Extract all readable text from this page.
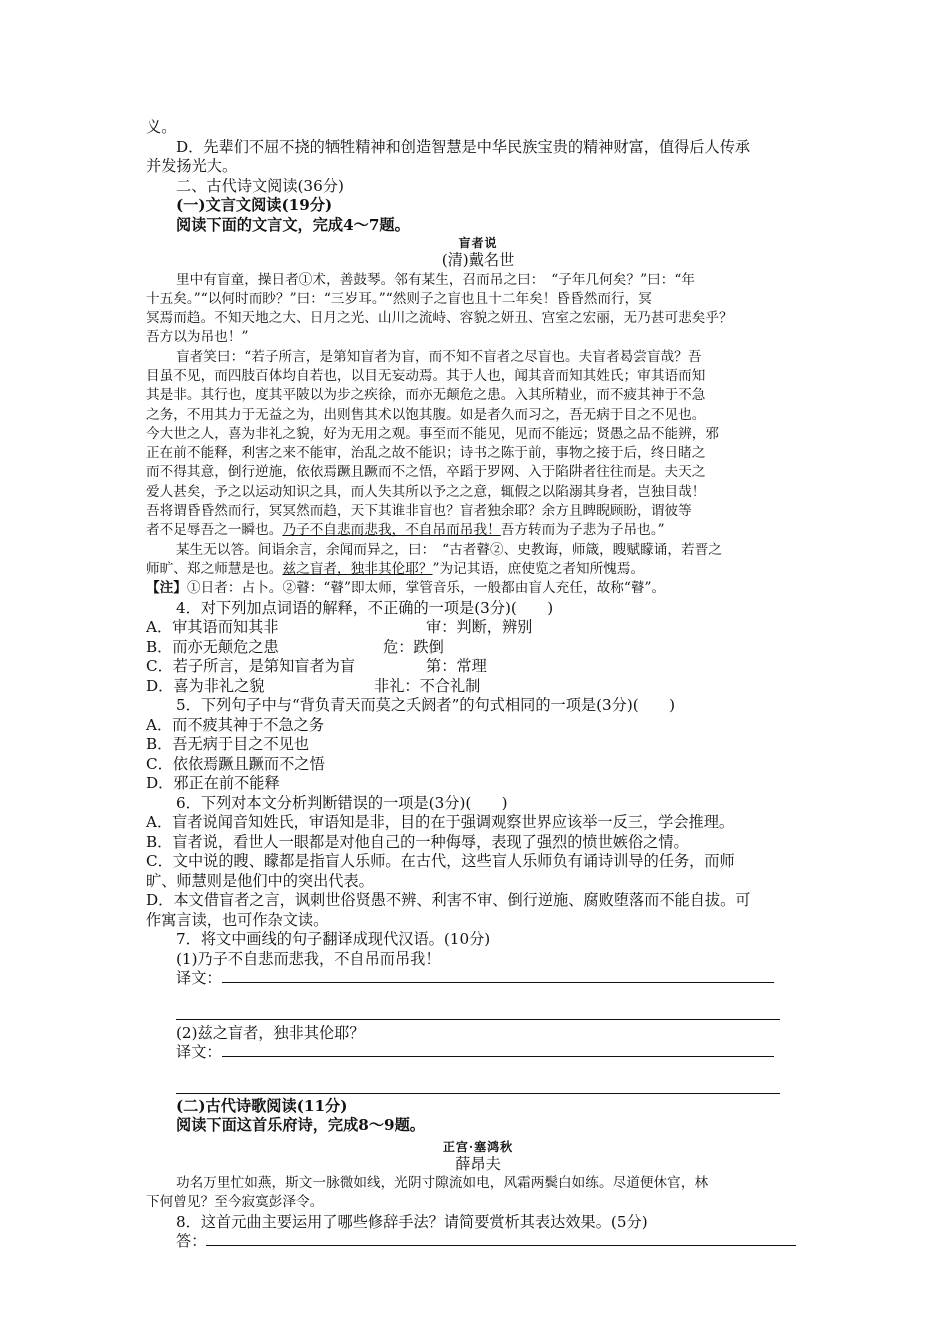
义。

D．先辈们不屈不挠的牺牲精神和创造智慧是中华民族宝贵的精神财富，值得后人传承

并发扬光大。

二、古代诗文阅读(36分)

(一)文言文阅读(19分)

阅读下面的文言文，完成4～7题。

盲者说

(清)戴名世

里中有盲童，操日者①术，善鼓琴。邻有某生，召而吊之曰：　“子年几何矣？”曰：“年

十五矣。”“以何时而眇？”曰：“三岁耳。”“然则子之盲也且十二年矣！昏昏然而行，冥

冥焉而趋。不知天地之大、日月之光、山川之流峙、容貌之妍丑、宫室之宏丽，无乃甚可悲矣乎？

吾方以为吊也！”

盲者笑曰：“若子所言，是第知盲者为盲，而不知不盲者之尽盲也。夫盲者曷尝盲哉？吾

目虽不见，而四肢百体均自若也，以目无妄动焉。其于人也，闻其音而知其姓氏；审其语而知

其是非。其行也，度其平陂以为步之疾徐，而亦无颠危之患。入其所精业，而不疲其神于不急

之务，不用其力于无益之为，出则售其术以饱其腹。如是者久而习之，吾无病于目之不见也。

今大世之人，喜为非礼之貌，好为无用之观。事至而不能见，见而不能远；贤愚之品不能辨，邪

正在前不能释，利害之来不能审，治乱之故不能识；诗书之陈于前，事物之接于后，终日睹之

而不得其意，倒行逆施，依依焉蹶且蹶而不之悟，卒蹈于罗网、入于陷阱者往往而是。夫天之

爱人甚矣，予之以运动知识之具，而人失其所以予之之意，辄假之以陷溺其身者，岂独目哉！

吾将谓昏昏然而行，冥冥然而趋，天下其谁非盲也？盲者独余耶？余方且睥睨顾盼，谓彼等

者不足辱吾之一瞬也。乃子不自悲而悲我，不自吊而吊我！吾方转而为子悲为子吊也。”

某生无以答。间诣余言，余闻而异之，曰：　“古者瞽②、史教诲，师箴，瞍赋矇诵，若晋之

师旷、郑之师慧是也。兹之盲者，独非其伦耶？”为记其语，庶使览之者知所愧焉。

【注】①日者：占卜。②瞽：“瞽”即太师，掌管音乐，一般都由盲人充任，故称“瞽”。

4．对下列加点词语的解释，不正确的一项是(3分)(　　)

A．审其语而知其非	审：判断，辨别

B．而亦无颠危之患	危：跌倒

C．若子所言，是第知盲者为盲	第：常理

D．喜为非礼之貌	非礼：不合礼制

5．下列句子中与“背负青天而莫之夭阏者”的句式相同的一项是(3分)(　　)

A．而不疲其神于不急之务

B．吾无病于目之不见也

C．依依焉蹶且蹶而不之悟

D．邪正在前不能释

6．下列对本文分析判断错误的一项是(3分)(　　)

A．盲者说闻音知姓氏，审语知是非，目的在于强调观察世界应该举一反三，学会推理。

B．盲者说，看世人一眼都是对他自己的一种侮辱，表现了强烈的愤世嫉俗之情。

C．文中说的瞍、矇都是指盲人乐师。在古代，这些盲人乐师负有诵诗训导的任务，而师

旷、师慧则是他们中的突出代表。

D．本文借盲者之言，讽刺世俗贤愚不辨、利害不审、倒行逆施、腐败堕落而不能自拔。可

作寓言读，也可作杂文读。

7．将文中画线的句子翻译成现代汉语。(10分)

(1)乃子不自悲而悲我，不自吊而吊我！

译文：

(2)兹之盲者，独非其伦耶？

译文：

(二)古代诗歌阅读(11分)

阅读下面这首乐府诗，完成8～9题。

正宫·塞鸿秋

薛昂夫

功名万里忙如燕，斯文一脉微如线，光阴寸隙流如电，风霜两鬓白如练。尽道便休官，林

下何曾见？至今寂寞彭泽令。

8．这首元曲主要运用了哪些修辞手法？请简要赏析其表达效果。(5分)

答：
